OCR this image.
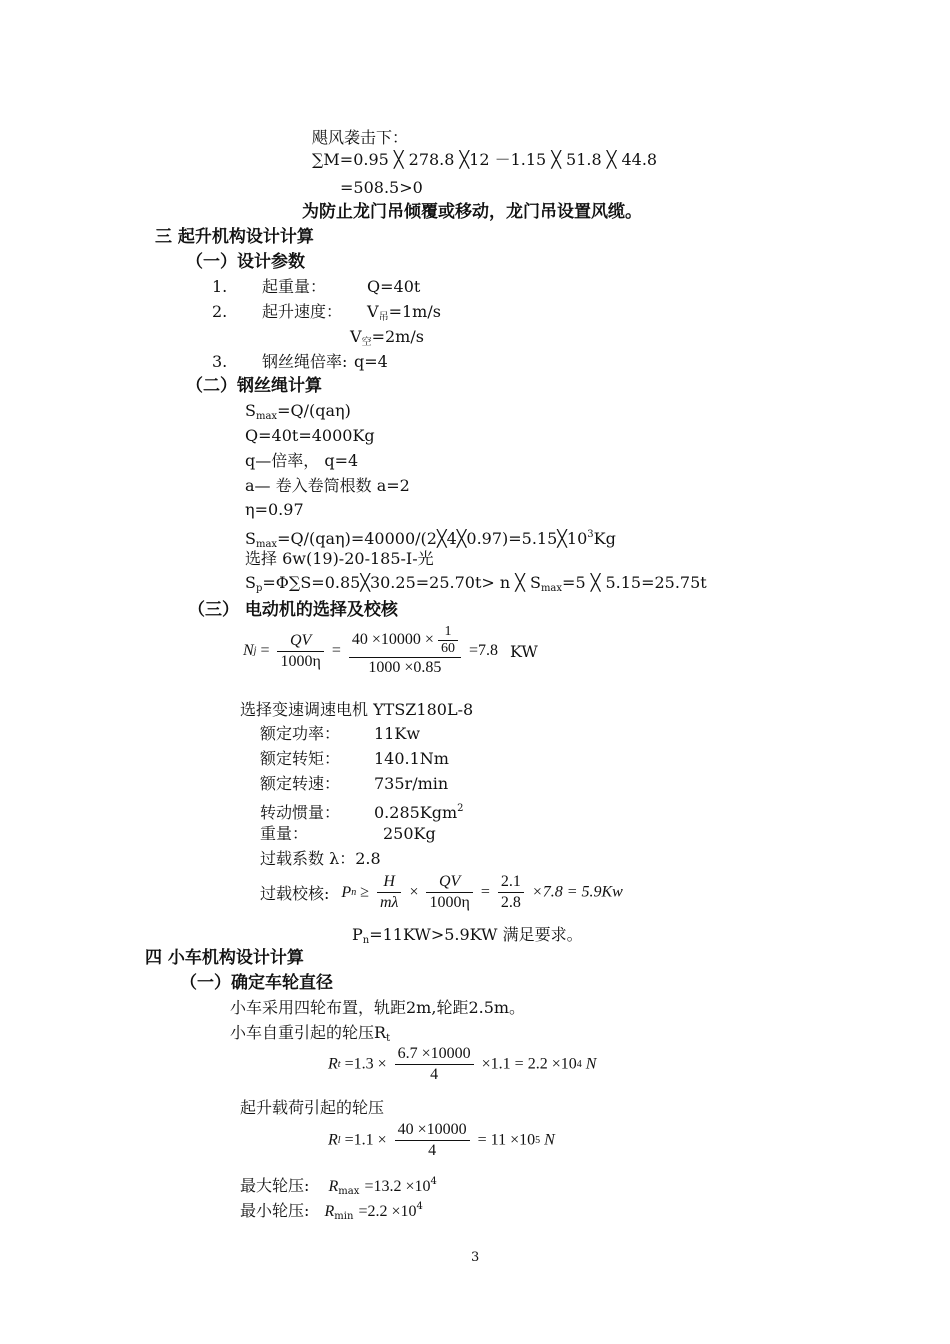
飓风袭击下：
∑M=0.95 ╳ 278.8 ╳12 －1.15 ╳ 51.8 ╳ 44.8
=508.5>0
为防止龙门吊倾覆或移动，龙门吊设置风缆。
三 起升机构设计计算
（一）设计参数
1. 起重量：	Q=40t
2. 起升速度： $V_吊=1m/s$
$V_空=2m/s$
3. 钢丝绳倍率: q=4
（二）钢丝绳计算
$S_{max}=Q/(qa\eta)$
Q=40t=4000Kg
q—倍率， q=4
a— 卷入卷筒根数 a=2
η=0.97
$S_{max}=Q/(qa\eta)=40000/(2╳4╳0.97)=5.15╳10^3Kg$
选择 6w(19)-20-185-Ⅰ-光
$S_p=\Phi\sum S=0.85╳30.25=25.70t> n$ ╳ $S_{max}=5$ ╳ 5.15=25.75t
（三） 电动机的选择及校核
$Nj = \frac{QV}{1000\eta} = \frac{40 \times 10000 \times \frac{1}{60}}{1000 \times 0.85} =7.8$ KW
选择变速调速电机 YTSZ180L-8
额定功率： 11Kw
额定转矩： 140.1Nm
额定转速： 735r/min
转动惯量： 0.285Kgm$^2$
重量：	250Kg
过载系数 λ：2.8
过载校核: $Pn \ge \frac{H}{m\lambda} \times \frac{QV}{1000\eta} = \frac{2.1}{2.8} \times 7.8 = 5.9Kw$
$P_n=11KW>5.9KW$ 满足要求。
四 小车机构设计计算
（一）确定车轮直径
小车采用四轮布置，轨距2m,轮距2.5m。
小车自重引起的轮压$R_t$
$Rt =1.3 \times \frac{6.7 \times 10000}{4} \times 1.1 = 2.2 \times 104$ N
起升载荷引起的轮压
$Rl =1.1 \times \frac{40 \times 10000}{4} = 11 \times 105$ N
最大轮压: $R_{max} =13.2 \times 10^4$
最小轮压: $R_{min} =2.2 \times 10^4$
3
